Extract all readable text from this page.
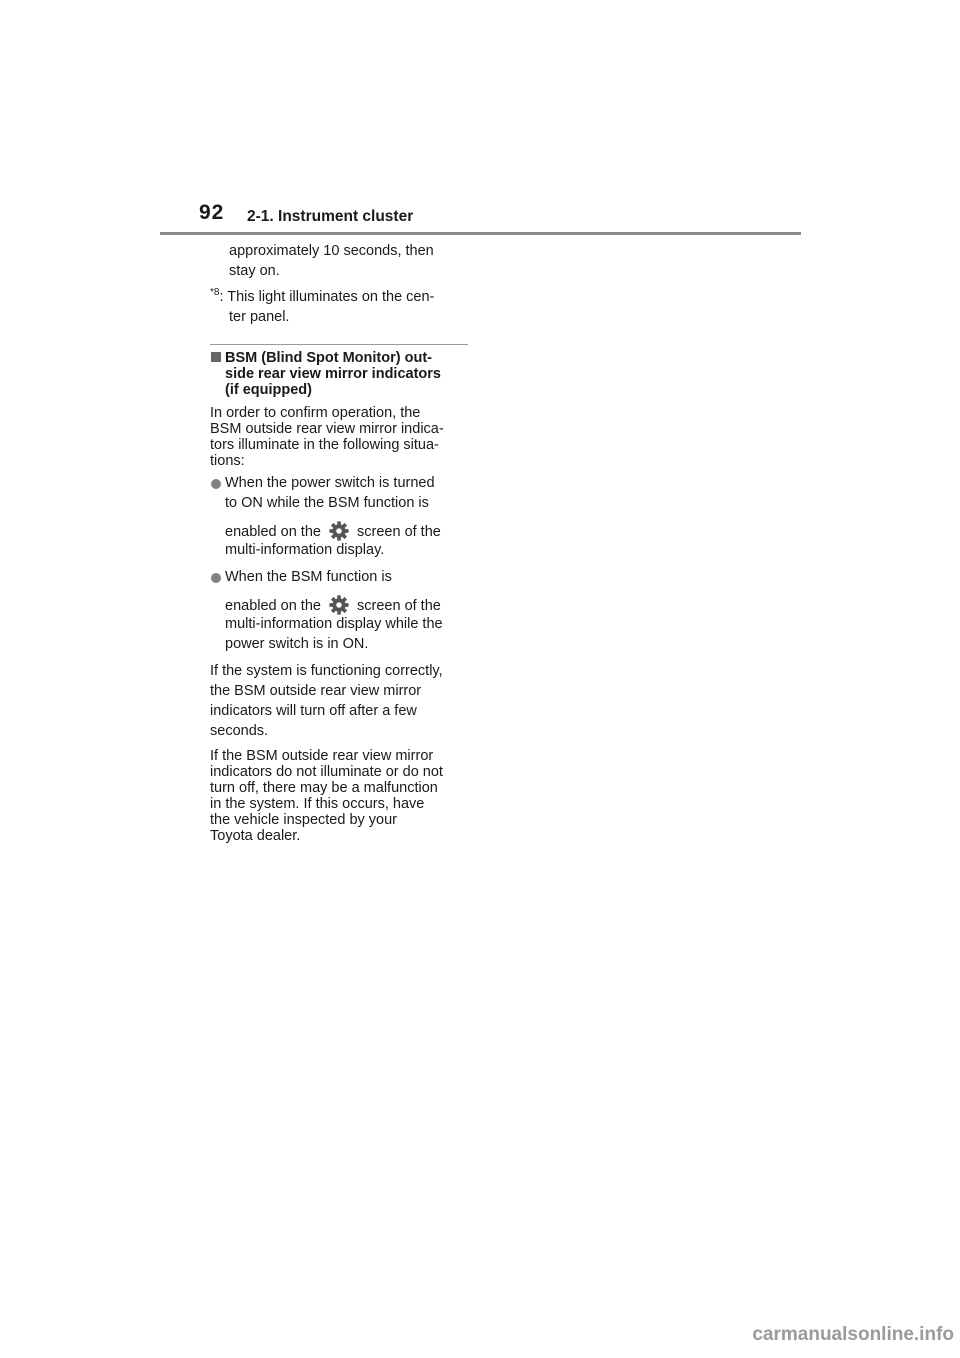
92 2-1. Instrument cluster
approximately 10 seconds, then
stay on.
$^{*8}$: This light illuminates on the cen-
ter panel.
BSM (Blind Spot Monitor) out-
side rear view mirror indicators
(if equipped)
In order to confirm operation, the
BSM outside rear view mirror indica-
tors illuminate in the following situa-
tions:
When the power switch is turned
to ON while the BSM function is
enabled on the screen of the
multi-information display.
When the BSM function is
enabled on the screen of the
multi-information display while the
power switch is in ON.
If the system is functioning correctly,
the BSM outside rear view mirror
indicators will turn off after a few
seconds.
If the BSM outside rear view mirror
indicators do not illuminate or do not
turn off, there may be a malfunction
in the system. If this occurs, have
the vehicle inspected by your
Toyota dealer.
carmanualsonline.info
